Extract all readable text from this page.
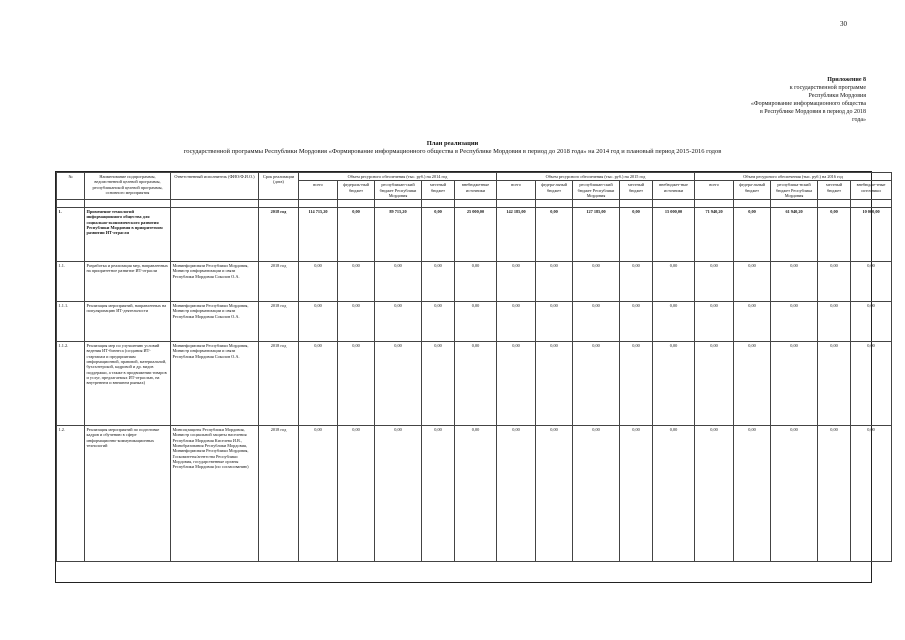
30
Приложение 8
к государственной программе
Республики Мордовия
«Формирование информационного общества
в Республике Мордовия в период до 2018
года»
План реализации
государственной программы Республики Мордовия «Формирование информационного общества в Республике Мордовия в период до 2018 года» на 2014 год и плановый период 2015-2016 годов
№	Наименование подпрограммы, ведомственной целевой программы, республиканской целевой программы, основного мероприятия	Ответственный исполнитель (ФИО/Ф.И.О.)	Срок реализации (дата)	Объем ресурсного обеспечения (тыс. руб.) на 2014 год					Объем ресурсного обеспечения (тыс. руб.) на 2015 год					Объем ресурсного обеспечения (тыс. руб.) на 2016 год				
				всего	федераль-ный бюджет	республикан-ский бюджет Республики Мордовия	местный бюджет	внебюджетные источники	всего	федера-льный бюджет	республикан-ский бюджет Республики Мордовия	местный бюджет	внебюджет-ные источники	всего	федера-льный бюджет	республика-нский бюджет Республика Мордовия	местный бюджет	внебюдже-тные источники

1.	Применение технологий информационного общества для социально-экономического развития Республики Мордовия в приоритетном развитии ИТ-отрасли		2018 год	114 715,20	0,00	89 715,20	0,00	25 000,00	142 185,00	0,00	127 185,00	0,00	15 000,00	71 940,20	0,00	61 940,20	0,00	10 000,00
1.1.	Разработка и реализация мер, направленных на приоритетное развитие ИТ-отрасли	Мининформсвязи Республики Мордовия, Министр информатизации и связи Республики Мордовия Соколов О.А.	2018 год	0,00	0,00	0,00	0,00	0,00	0,00	0,00	0,00	0,00	0,00	0,00	0,00	0,00	0,00	0,00
1.1.1.	Реализация мероприятий, направленных на популяризацию ИТ-деятельности	Мининформсвязи Республики Мордовия, Министр информатизации и связи Республики Мордовия Соколов О.А.	2018 год	0,00	0,00	0,00	0,00	0,00	0,00	0,00	0,00	0,00	0,00	0,00	0,00	0,00	0,00	0,00
1.1.2.	Реализация мер по улучшению условий ведения ИТ-бизнеса (создания ИТ-стартапам и предприятиям информационной, правовой, материальной, бухгалтерской, кадровой и др. видов поддержки, а также в продвижении товаров и услуг, предлагаемых ИТ-отраслью, на внутреннем и внешнем рынках)	Мининформсвязи Республики Мордовия, Министр информатизации и связи Республики Мордовия Соколов О.А.	2018 год	0,00	0,00	0,00	0,00	0,00	0,00	0,00	0,00	0,00	0,00	0,00	0,00	0,00	0,00	0,00
1.2.	Реализация мероприятий по подготовке кадров и обучению в сфере информационно-коммуникационных технологий	Минсоцзащиты Республики Мордовия, Министр социальной защиты населения Республики Мордовия Киселева И.В., Минобразования Республики Мордовия, Мининформсвязи Республики Мордовия, Госкомитеты/агентства Республики Мордовия, государственные органы Республики Мордовия (по согласованию)	2018 год	0,00	0,00	0,00	0,00	0,00	0,00	0,00	0,00	0,00	0,00	0,00	0,00	0,00	0,00	0,00
